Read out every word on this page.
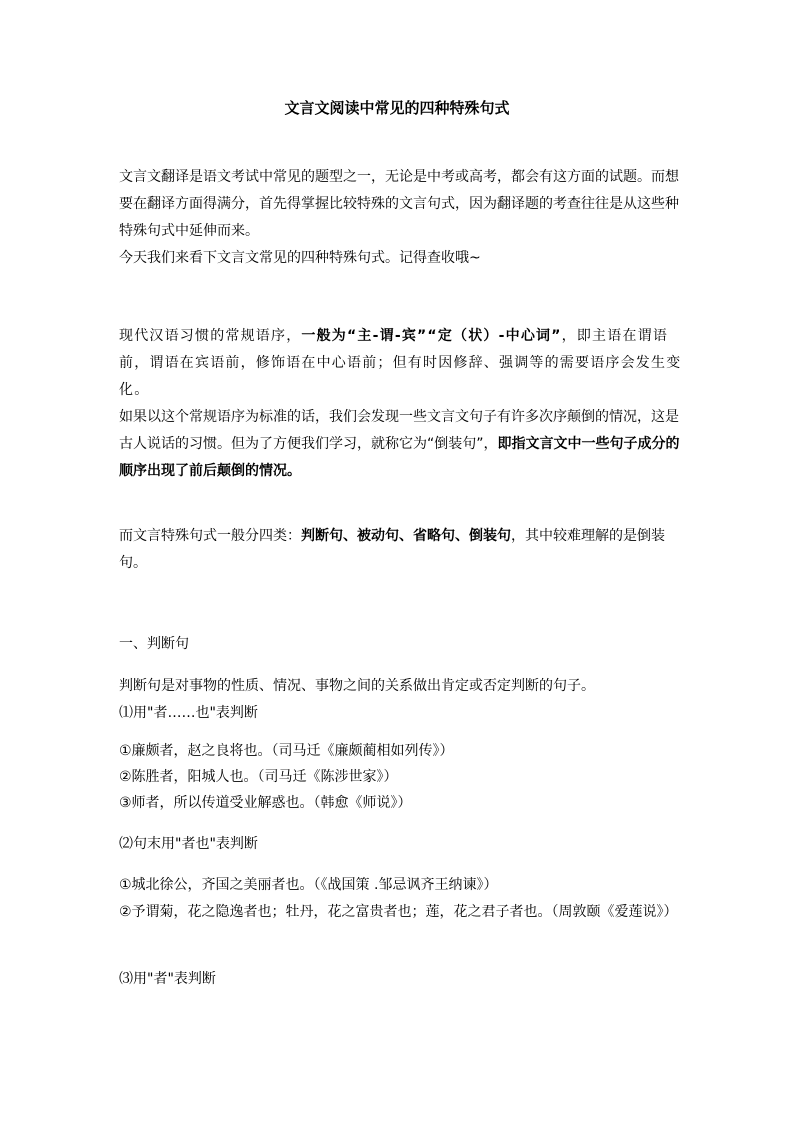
文言文阅读中常见的四种特殊句式

文言文翻译是语文考试中常见的题型之一，无论是中考或高考，都会有这方面的试题。而想要在翻译方面得满分，首先得掌握比较特殊的文言句式，因为翻译题的考查往往是从这些种特殊句式中延伸而来。

今天我们来看下文言文常见的四种特殊句式。记得查收哦~

现代汉语习惯的常规语序，一般为“主-谓-宾”“定（状）-中心词”，即主语在谓语前，谓语在宾语前，修饰语在中心语前；但有时因修辞、强调等的需要语序会发生变化。

如果以这个常规语序为标准的话，我们会发现一些文言文句子有许多次序颠倒的情况，这是古人说话的习惯。但为了方便我们学习，就称它为“倒装句”，即指文言文中一些句子成分的顺序出现了前后颠倒的情况。

而文言特殊句式一般分四类：判断句、被动句、省略句、倒装句，其中较难理解的是倒装句。

一、判断句

判断句是对事物的性质、情况、事物之间的关系做出肯定或否定判断的句子。

⑴用"者……也"表判断

①廉颇者，赵之良将也。（司马迁《廉颇蔺相如列传》）

②陈胜者，阳城人也。（司马迁《陈涉世家》）

③师者，所以传道受业解惑也。（韩愈《师说》）

⑵句末用"者也"表判断

①城北徐公，齐国之美丽者也。（《战国策 .邹忌讽齐王纳谏》）

②予谓菊，花之隐逸者也；牡丹，花之富贵者也；莲，花之君子者也。（周敦颐《爱莲说》）

⑶用"者"表判断
